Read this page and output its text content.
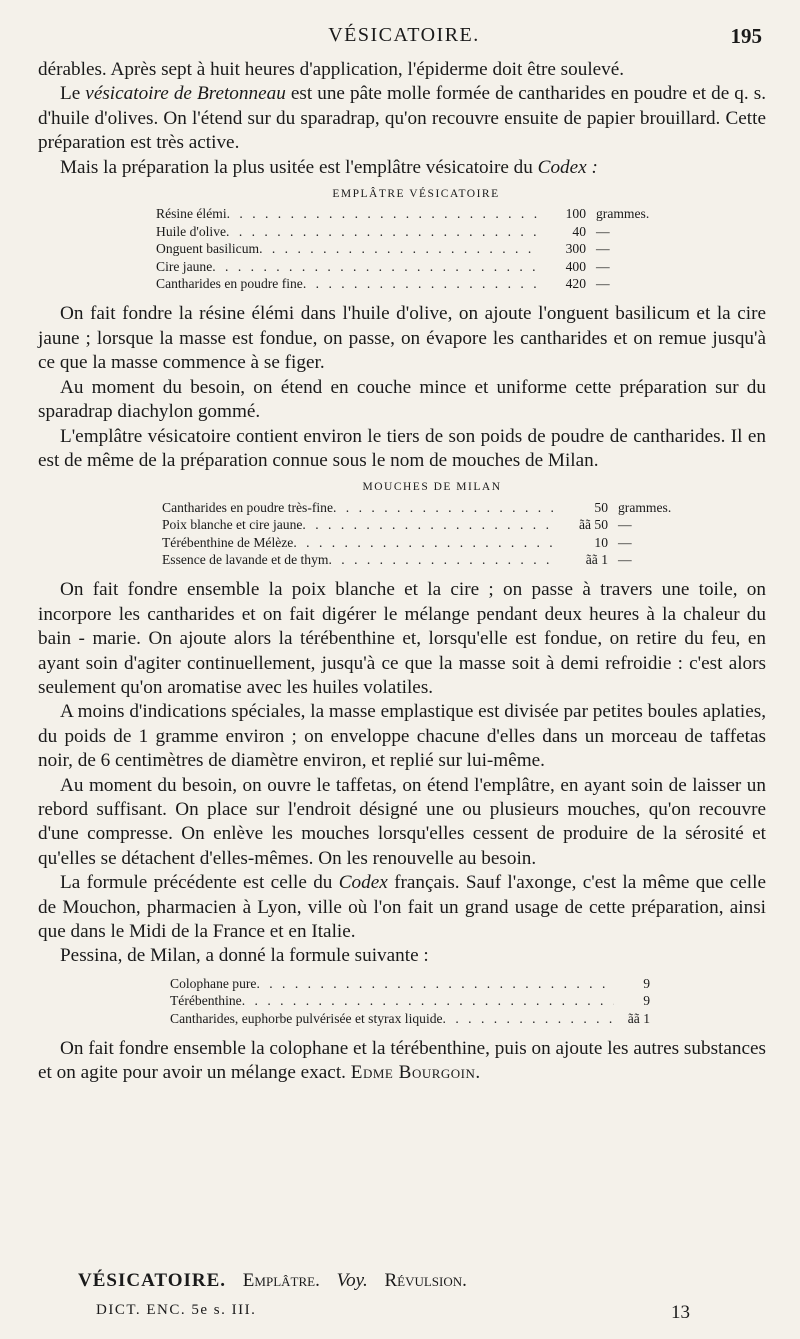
VÉSICATOIRE.	195

dérables. Après sept à huit heures d'application, l'épiderme doit être soulevé.

Le vésicatoire de Bretonneau est une pâte molle formée de cantharides en poudre et de q. s. d'huile d'olives. On l'étend sur du sparadrap, qu'on recouvre ensuite de papier brouillard. Cette préparation est très active.

Mais la préparation la plus usitée est l'emplâtre vésicatoire du Codex :

EMPLÂTRE VÉSICATOIRE
Résine élémi . . .	100 grammes.
Huile d'olive . . .	40 —
Onguent basilicum . . .	300 —
Cire jaune . . .	400 —
Cantharides en poudre fine . . .	420 —

On fait fondre la résine élémi dans l'huile d'olive, on ajoute l'onguent basilicum et la cire jaune ; lorsque la masse est fondue, on passe, on évapore les cantharides et on remue jusqu'à ce que la masse commence à se figer.

Au moment du besoin, on étend en couche mince et uniforme cette préparation sur du sparadrap diachylon gommé.

L'emplâtre vésicatoire contient environ le tiers de son poids de poudre de cantharides. Il en est de même de la préparation connue sous le nom de mouches de Milan.

MOUCHES DE MILAN
Cantharides en poudre très-fine . . .	50 grammes.
Poix blanche et cire jaune . . .	ãã 50 —
Térébenthine de Mélèze . . .	10 —
Essence de lavande et de thym . . .	ãã 1 —

On fait fondre ensemble la poix blanche et la cire ; on passe à travers une toile, on incorpore les cantharides et on fait digérer le mélange pendant deux heures à la chaleur du bain - marie. On ajoute alors la térébenthine et, lorsqu'elle est fondue, on retire du feu, en ayant soin d'agiter continuellement, jusqu'à ce que la masse soit à demi refroidie : c'est alors seulement qu'on aromatise avec les huiles volatiles.

A moins d'indications spéciales, la masse emplastique est divisée par petites boules aplaties, du poids de 1 gramme environ ; on enveloppe chacune d'elles dans un morceau de taffetas noir, de 6 centimètres de diamètre environ, et replié sur lui-même.

Au moment du besoin, on ouvre le taffetas, on étend l'emplâtre, en ayant soin de laisser un rebord suffisant. On place sur l'endroit désigné une ou plusieurs mouches, qu'on recouvre d'une compresse. On enlève les mouches lorsqu'elles cessent de produire de la sérosité et qu'elles se détachent d'elles-mêmes. On les renouvelle au besoin.

La formule précédente est celle du Codex français. Sauf l'axonge, c'est la même que celle de Mouchon, pharmacien à Lyon, ville où l'on fait un grand usage de cette préparation, ainsi que dans le Midi de la France et en Italie.

Pessina, de Milan, a donné la formule suivante :

Colophane pure . . .	9
Térébenthine . . .	9
Cantharides, euphorbe pulvérisée et styrax liquide . . .	ãã 1

On fait fondre ensemble la colophane et la térébenthine, puis on ajoute les autres substances et on agite pour avoir un mélange exact. Edme Bourgoin.

VÉSICATOIRE. Emplâtre. Voy. Révulsion.
DICT. ENC. 5e s. III.	13
